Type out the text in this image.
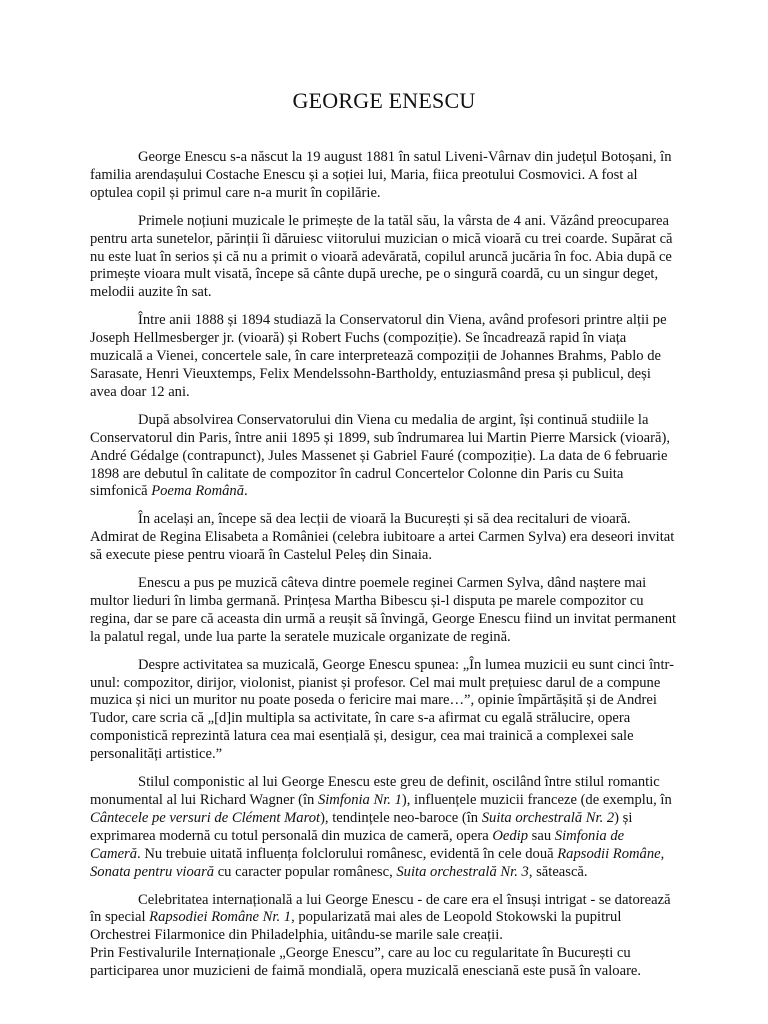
GEORGE ENESCU

George Enescu s-a născut la 19 august 1881 în satul Liveni-Vârnav din județul Botoșani, în familia arendașului Costache Enescu și a soției lui, Maria, fiica preotului Cosmovici. A fost al optulea copil și primul care n-a murit în copilărie.

Primele noțiuni muzicale le primește de la tatăl său, la vârsta de 4 ani. Văzând preocuparea pentru arta sunetelor, părinții îi dăruiesc viitorului muzician o mică vioară cu trei coarde. Supărat că nu este luat în serios și că nu a primit o vioară adevărată, copilul aruncă jucăria în foc. Abia după ce primește vioara mult visată, începe să cânte după ureche, pe o singură coardă, cu un singur deget, melodii auzite în sat.

Între anii 1888 și 1894 studiază la Conservatorul din Viena, având profesori printre alții pe Joseph Hellmesberger jr. (vioară) și Robert Fuchs (compoziție). Se încadrează rapid în viața muzicală a Vienei, concertele sale, în care interpretează compoziții de Johannes Brahms, Pablo de Sarasate, Henri Vieuxtemps, Felix Mendelssohn-Bartholdy, entuziasmând presa și publicul, deși avea doar 12 ani.

După absolvirea Conservatorului din Viena cu medalia de argint, își continuă studiile la Conservatorul din Paris, între anii 1895 și 1899, sub îndrumarea lui Martin Pierre Marsick (vioară), André Gédalge (contrapunct), Jules Massenet și Gabriel Fauré (compoziție). La data de 6 februarie 1898 are debutul în calitate de compozitor în cadrul Concertelor Colonne din Paris cu Suita simfonică Poema Română.

În același an, începe să dea lecții de vioară la București și să dea recitaluri de vioară. Admirat de Regina Elisabeta a României (celebra iubitoare a artei Carmen Sylva) era deseori invitat să execute piese pentru vioară în Castelul Peleș din Sinaia.

Enescu a pus pe muzică câteva dintre poemele reginei Carmen Sylva, dând naștere mai multor lieduri în limba germană. Prințesa Martha Bibescu și-l disputa pe marele compozitor cu regina, dar se pare că aceasta din urmă a reușit să învingă, George Enescu fiind un invitat permanent la palatul regal, unde lua parte la seratele muzicale organizate de regină.

Despre activitatea sa muzicală, George Enescu spunea: „În lumea muzicii eu sunt cinci într-unul: compozitor, dirijor, violonist, pianist și profesor. Cel mai mult prețuiesc darul de a compune muzica și nici un muritor nu poate poseda o fericire mai mare…”, opinie împărtășită și de Andrei Tudor, care scria că „[d]in multipla sa activitate, în care s-a afirmat cu egală strălucire, opera componistică reprezintă latura cea mai esențială și, desigur, cea mai trainică a complexei sale personalități artistice.”

Stilul componistic al lui George Enescu este greu de definit, oscilând între stilul romantic monumental al lui Richard Wagner (în Simfonia Nr. 1), influențele muzicii franceze (de exemplu, în Cântecele pe versuri de Clément Marot), tendințele neo-baroce (în Suita orchestrală Nr. 2) și exprimarea modernă cu totul personală din muzica de cameră, opera Oedip sau Simfonia de Cameră. Nu trebuie uitată influența folclorului românesc, evidentă în cele două Rapsodii Române, Sonata pentru vioară cu caracter popular românesc, Suita orchestrală Nr. 3, sătească.

Celebritatea internațională a lui George Enescu - de care era el însuși intrigat - se datorează în special Rapsodiei Române Nr. 1, popularizată mai ales de Leopold Stokowski la pupitrul Orchestrei Filarmonice din Philadelphia, uitându-se marile sale creații.

Prin Festivalurile Internaționale „George Enescu”, care au loc cu regularitate în București cu participarea unor muzicieni de faimă mondială, opera muzicală enesciană este pusă în valoare.
